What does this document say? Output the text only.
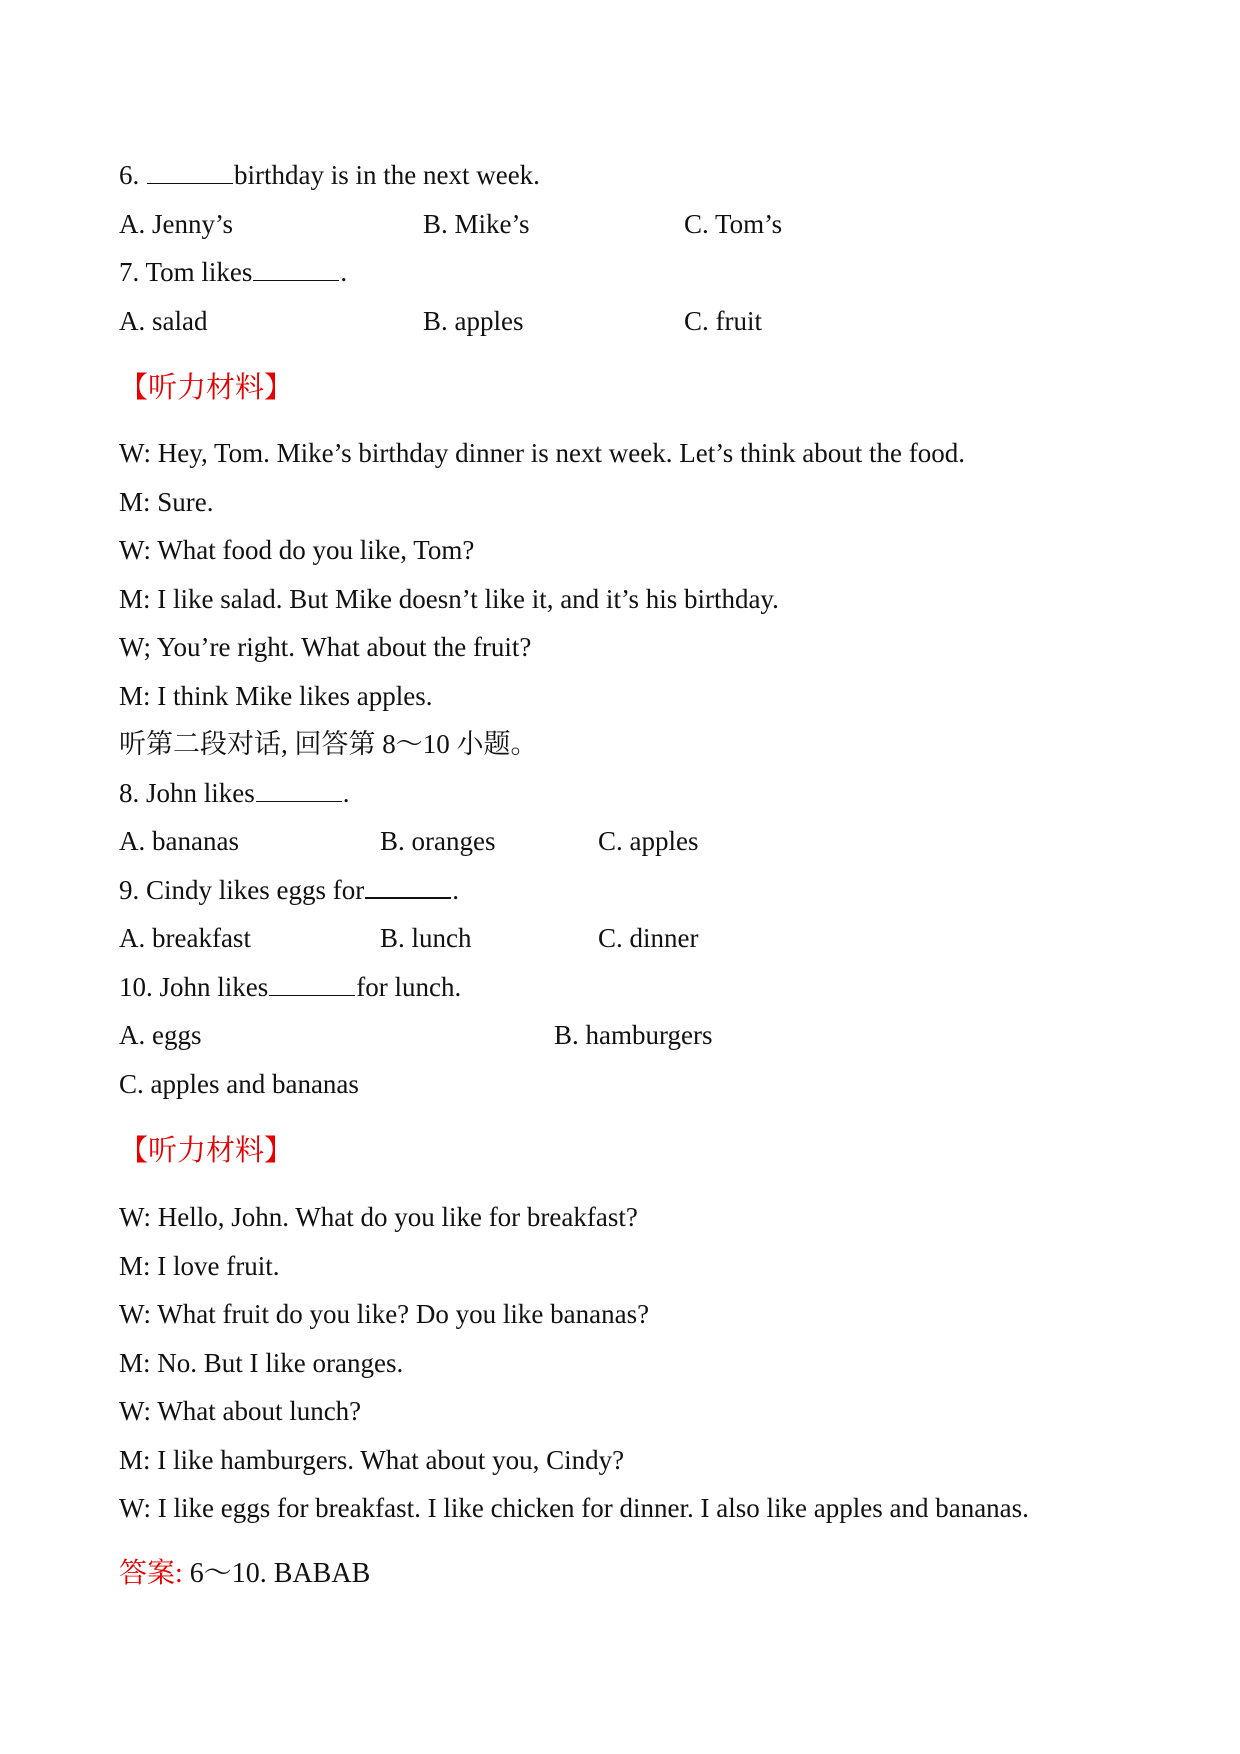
6.	birthday is in the next week.
A. Jenny’s	B. Mike’s	C. Tom’s
7. Tom likes	.
A. salad	B. apples	C. fruit
【听力材料】
W: Hey, Tom. Mike’s birthday dinner is next week. Let’s think about the food.
M: Sure.
W: What food do you like, Tom?
M: I like salad. But Mike doesn’t like it, and it’s his birthday.
W; You’re right. What about the fruit?
M: I think Mike likes apples.
听第二段对话, 回答第 8～10 小题。
8. John likes	.
A. bananas	B. oranges	C. apples
9. Cindy likes eggs for	.
A. breakfast	B. lunch	C. dinner
10. John likes	for lunch.
A. eggs	B. hamburgers
C. apples and bananas
【听力材料】
W: Hello, John. What do you like for breakfast?
M: I love fruit.
W: What fruit do you like? Do you like bananas?
M: No. But I like oranges.
W: What about lunch?
M: I like hamburgers. What about you, Cindy?
W: I like eggs for breakfast. I like chicken for dinner. I also like apples and bananas.
答案: 6～10. BABAB
